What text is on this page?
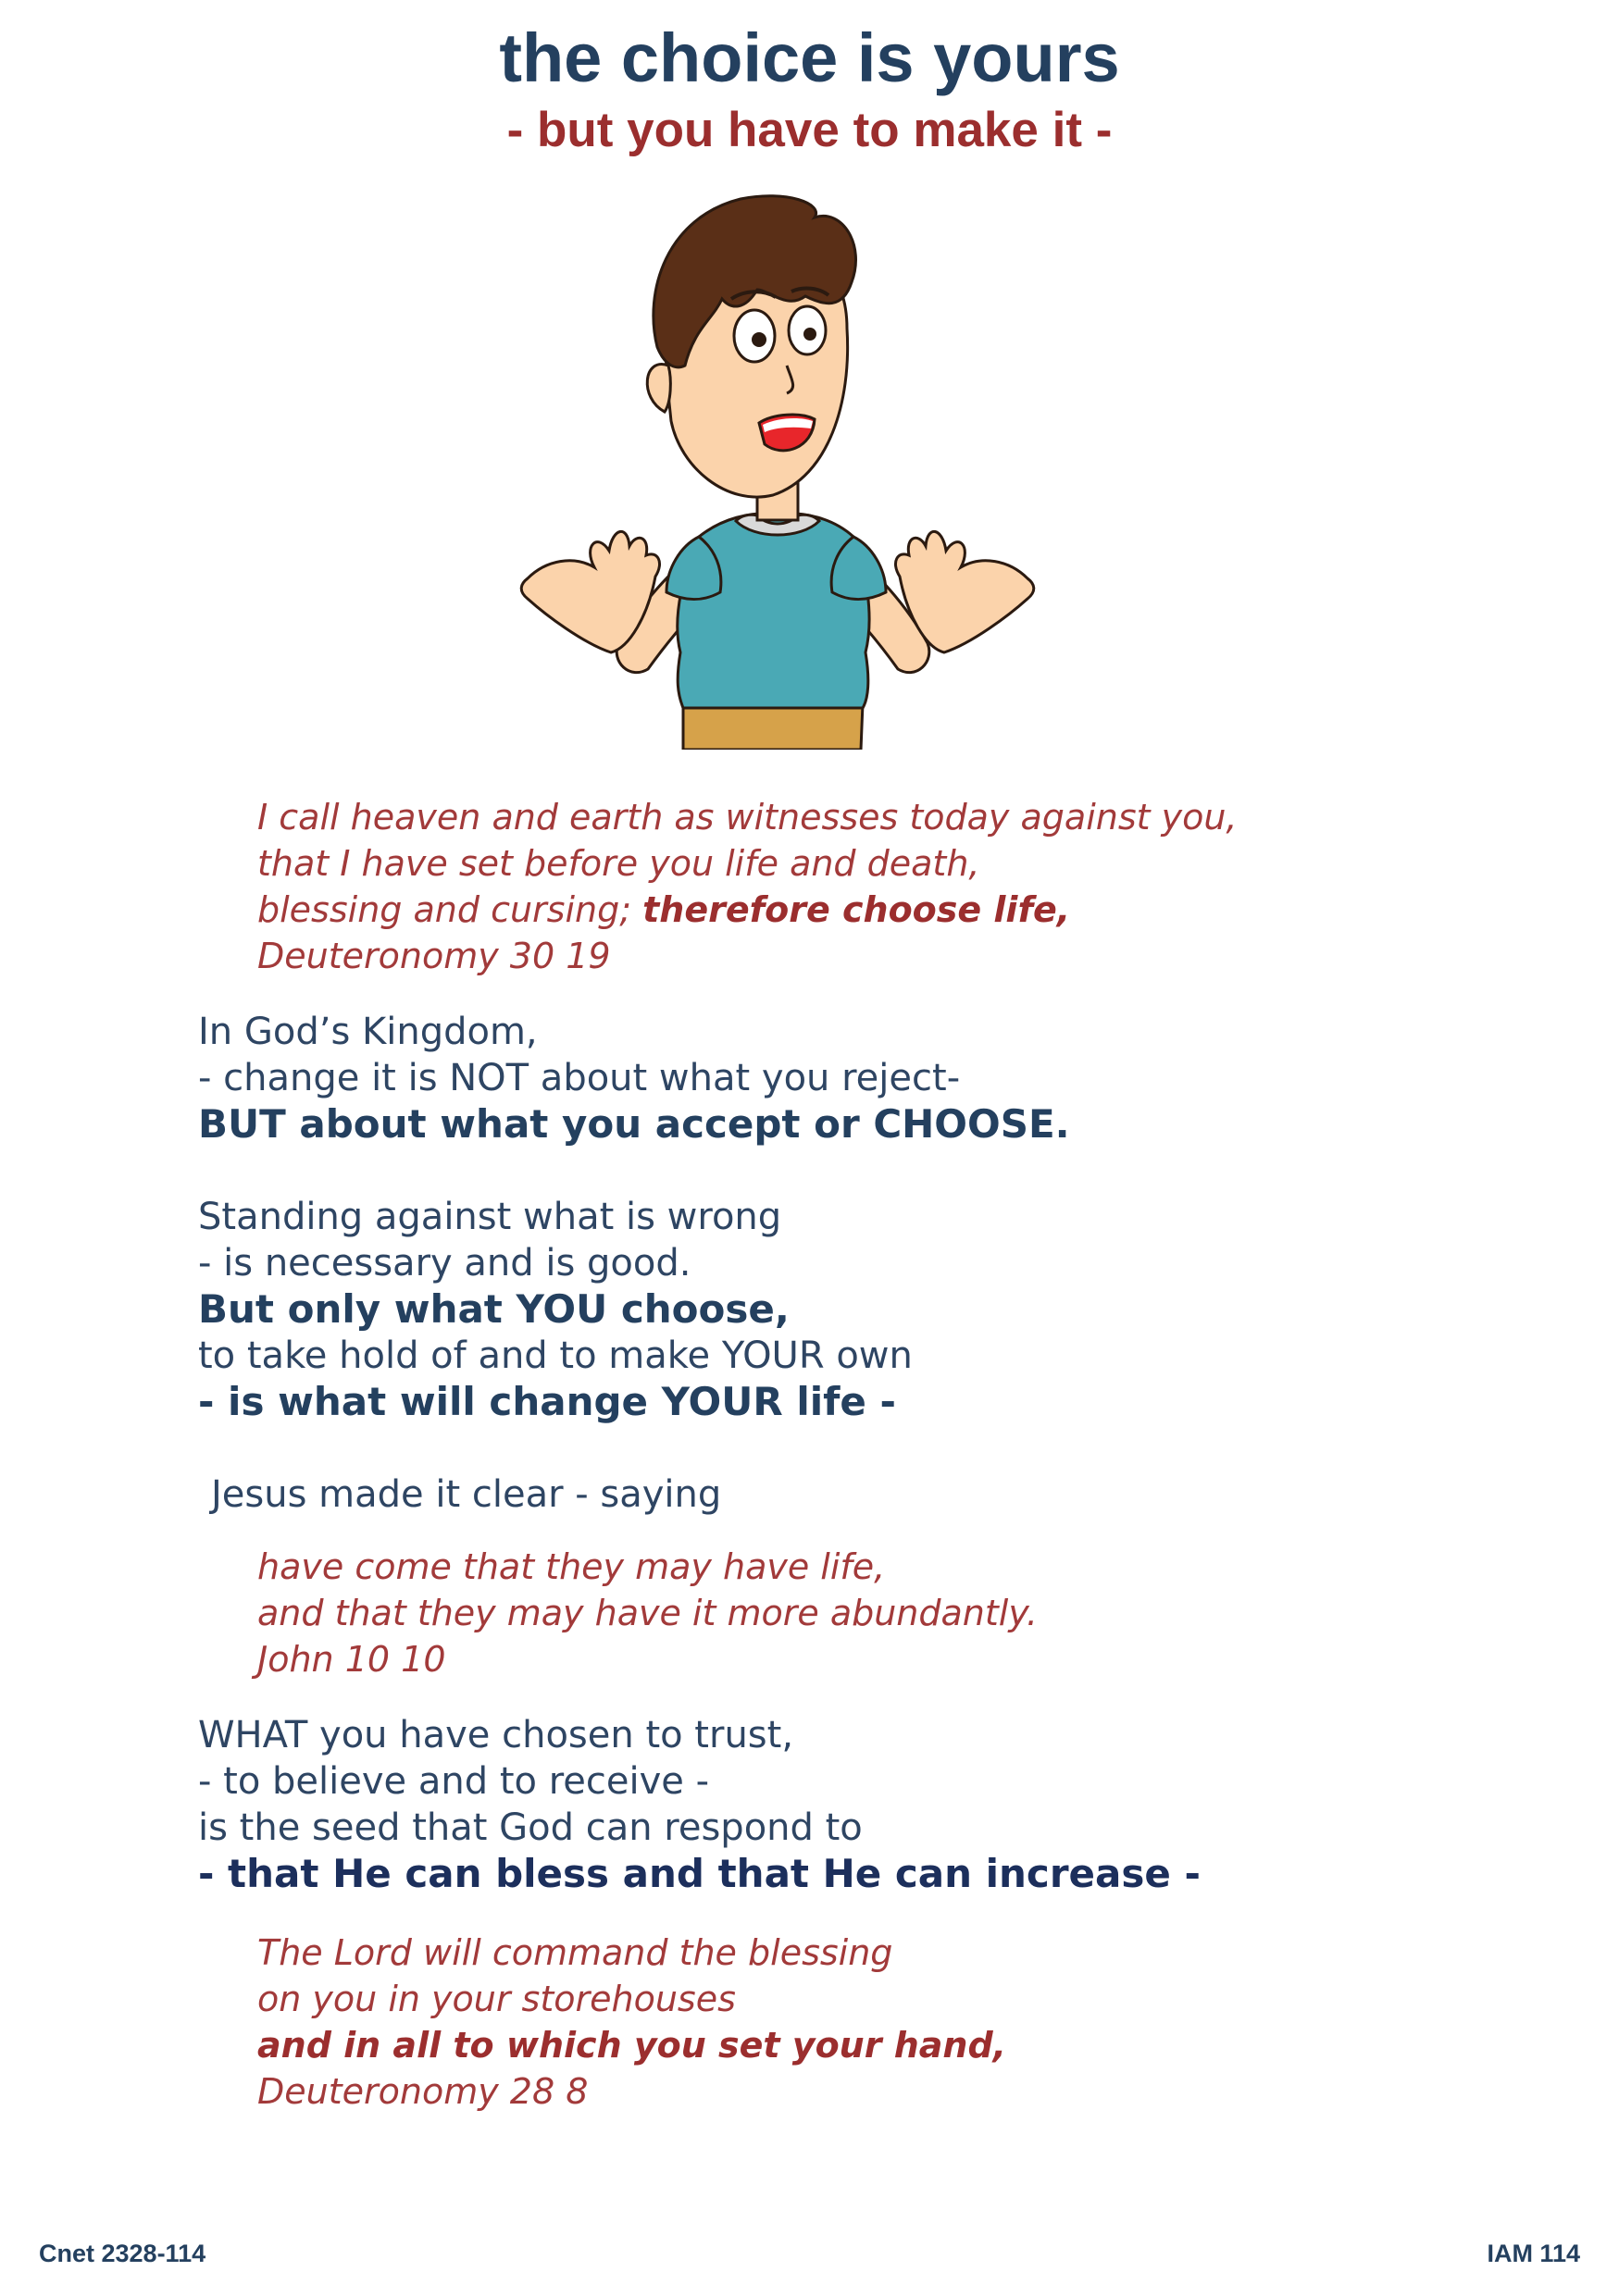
the choice is yours
- but you have to make it -
I call heaven and earth as witnesses today against you,
that I have set before you life and death,
blessing and cursing; therefore choose life,
Deuteronomy 30 19
In God’s Kingdom,
- change it is NOT about what you reject-
BUT about what you accept or CHOOSE.
Standing against what is wrong
- is necessary and is good.
But only what YOU choose,
to take hold of and to make YOUR own
- is what will change YOUR life -
Jesus made it clear - saying
have come that they may have life,
and that they may have it more abundantly.
John 10 10
WHAT you have chosen to trust,
- to believe and to receive -
is the seed that God can respond to
- that He can bless and that He can increase -
The Lord will command the blessing
on you in your storehouses
and in all to which you set your hand,
Deuteronomy 28 8
Cnet 2328-114	IAM 114
